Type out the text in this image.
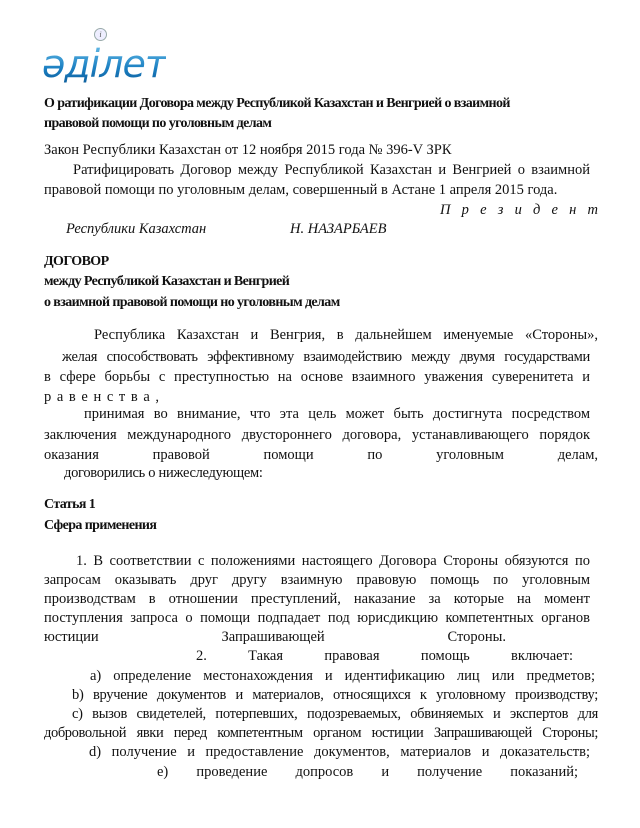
әділет
i
О ратификации Договора между Республикой Казахстан и Венгрией о взаимной
правовой помощи по уголовным делам
Закон Республики Казахстан от 12 ноября 2015 года № 396-V ЗРК
Ратифицировать Договор между Республикой Казахстан и Венгрией о взаимной
правовой помощи по уголовным делам, совершенный в Астане 1 апреля 2015 года.
П р е з и д е н т
Республики Казахстан	Н. НАЗАРБАЕВ
ДОГОВОР
между Республикой Казахстан и Венгрией
о взаимной правовой помощи но уголовным делам
Республика Казахстан и Венгрия, в дальнейшем именуемые «Стороны»,
желая способствовать эффективному взаимодействию между двумя государствами
в сфере борьбы с преступностью на основе взаимного уважения суверенитета и
р а в е н с т в а ,
принимая во внимание, что эта цель может быть достигнута посредством
заключения международного двустороннего договора, устанавливающего порядок
оказания правовой помощи по уголовным делам,
договорились о нижеследующем:
Статья 1
Сфера применения
1. В соответствии с положениями настоящего Договора Стороны обязуются по
запросам оказывать друг другу взаимную правовую помощь по уголовным
производствам в отношении преступлений, наказание за которые на момент
поступления запроса о помощи подпадает под юрисдикцию компетентных органов
юстиции Запрашивающей Стороны.
2. Такая правовая помощь включает:
a) определение местонахождения и идентификацию лиц или предметов;
b) вручение документов и материалов, относящихся к уголовному производству;
c) вызов свидетелей, потерпевших, подозреваемых, обвиняемых и экспертов для
добровольной явки перед компетентным органом юстиции Запрашивающей Стороны;
d) получение и предоставление документов, материалов и доказательств;
e) проведение допросов и получение показаний;
